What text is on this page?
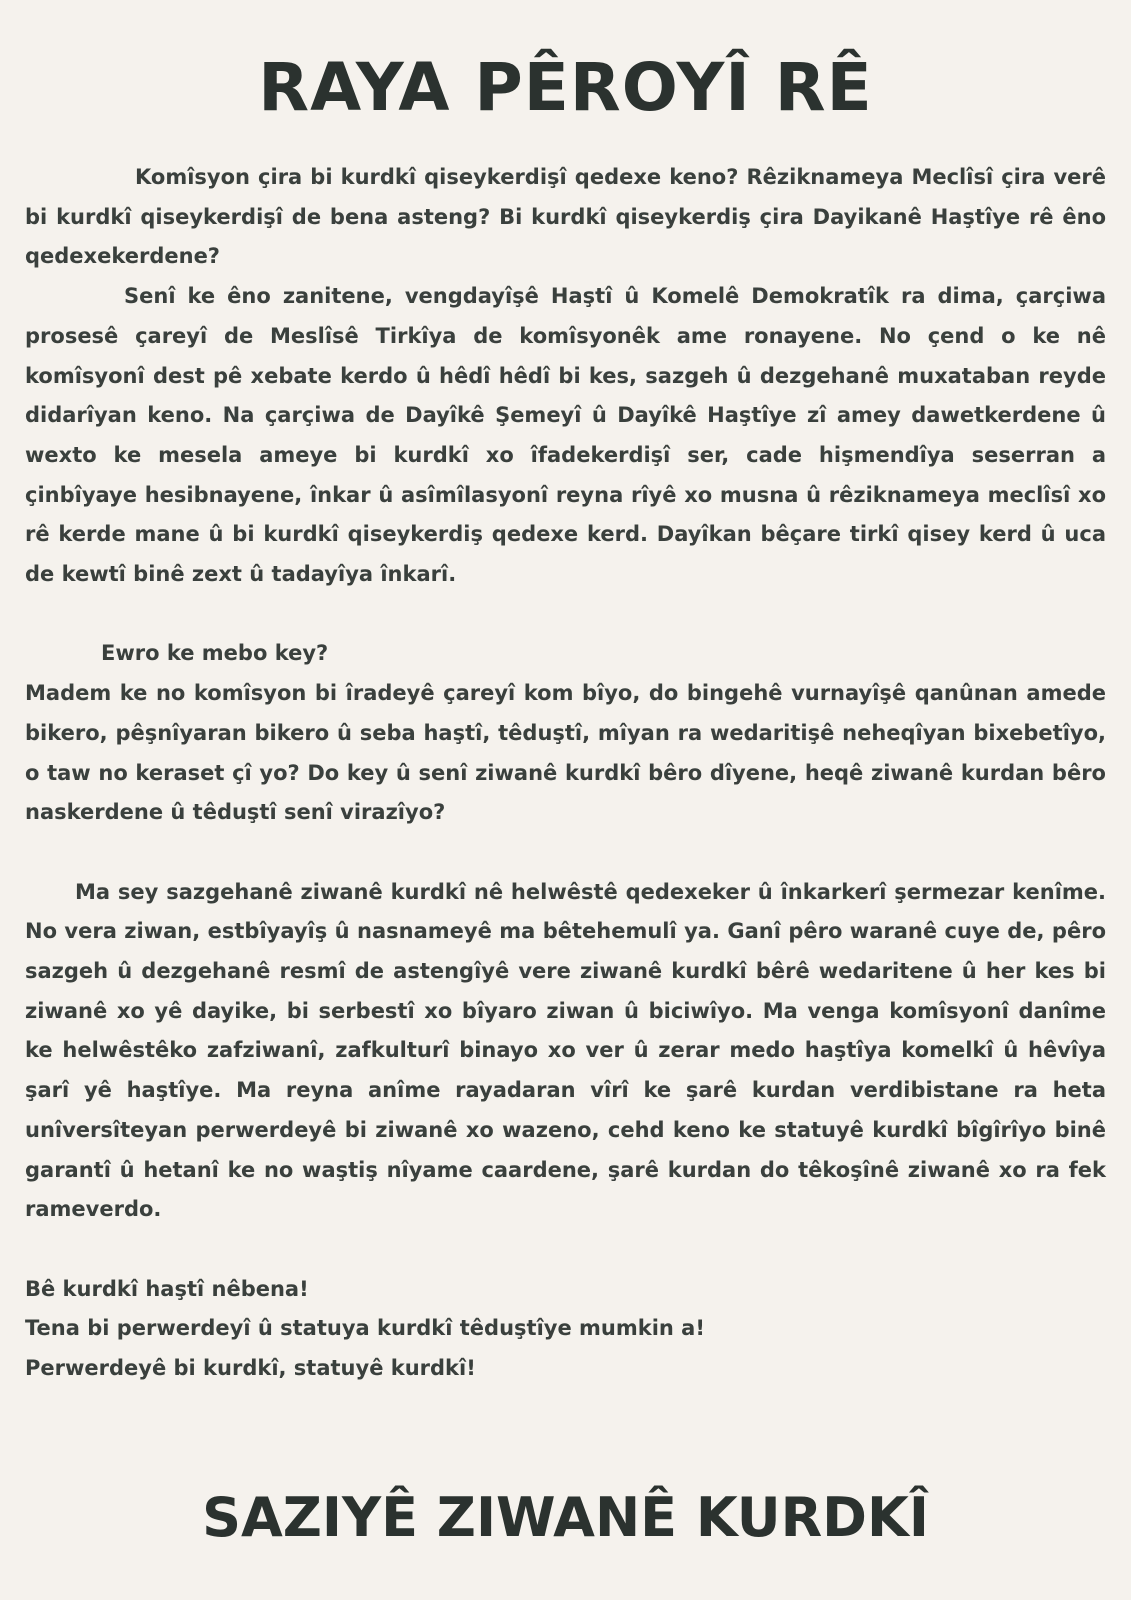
RAYA PÊROYÎ RÊ

Komîsyon çira bi kurdkî qiseykerdişî qedexe keno? Rêziknameya Meclîsî çira verê bi kurdkî qiseykerdişî de bena asteng? Bi kurdkî qiseykerdiş çira Dayikanê Haştîye rê êno qedexekerdene?

Senî ke êno zanitene, vengdayîşê Haştî û Komelê Demokratîk ra dima, çarçiwa prosesê çareyî de Meslîsê Tirkîya de komîsyonêk ame ronayene. No çend o ke nê komîsyonî dest pê xebate kerdo û hêdî hêdî bi kes, sazgeh û dezgehanê muxataban reyde didarîyan keno. Na çarçiwa de Dayîkê Şemeyî û Dayîkê Haştîye zî amey dawetkerdene û wexto ke mesela ameye bi kurdkî xo îfadekerdişî ser, cade hişmendîya seserran a çinbîyaye hesibnayene, înkar û asîmîlasyonî reyna rîyê xo musna û rêziknameya meclîsî xo rê kerde mane û bi kurdkî qiseykerdiş qedexe kerd. Dayîkan bêçare tirkî qisey kerd û uca de kewtî binê zext û tadayîya înkarî.

Ewro ke mebo key?

Madem ke no komîsyon bi îradeyê çareyî kom bîyo, do bingehê vurnayîşê qanûnan amede bikero, pêşnîyaran bikero û seba haştî, têduştî, mîyan ra wedaritişê neheqîyan bixebetîyo, o taw no keraset çî yo? Do key û senî ziwanê kurdkî bêro dîyene, heqê ziwanê kurdan bêro naskerdene û têduştî senî virazîyo?

Ma sey sazgehanê ziwanê kurdkî nê helwêstê qedexeker û înkarkerî şermezar kenîme. No vera ziwan, estbîyayîş û nasnameyê ma bêtehemulî ya. Ganî pêro waranê cuye de, pêro sazgeh û dezgehanê resmî de astengîyê vere ziwanê kurdkî bêrê wedaritene û her kes bi ziwanê xo yê dayike, bi serbestî xo bîyaro ziwan û biciwîyo. Ma venga komîsyonî danîme ke helwêstêko zafziwanî, zafkulturî binayo xo ver û zerar medo haştîya komelkî û hêvîya şarî yê haştîye. Ma reyna anîme rayadaran vîrî ke şarê kurdan verdibistane ra heta unîversîteyan perwerdeyê bi ziwanê xo wazeno, cehd keno ke statuyê kurdkî bîgîrîyo binê garantî û hetanî ke no waştiş nîyame caardene, şarê kurdan do têkoşînê ziwanê xo ra fek rameverdo.

Bê kurdkî haştî nêbena!

Tena bi perwerdeyî û statuya kurdkî têduştîye mumkin a!

Perwerdeyê bi kurdkî, statuyê kurdkî!

SAZIYÊ ZIWANÊ KURDKÎ
